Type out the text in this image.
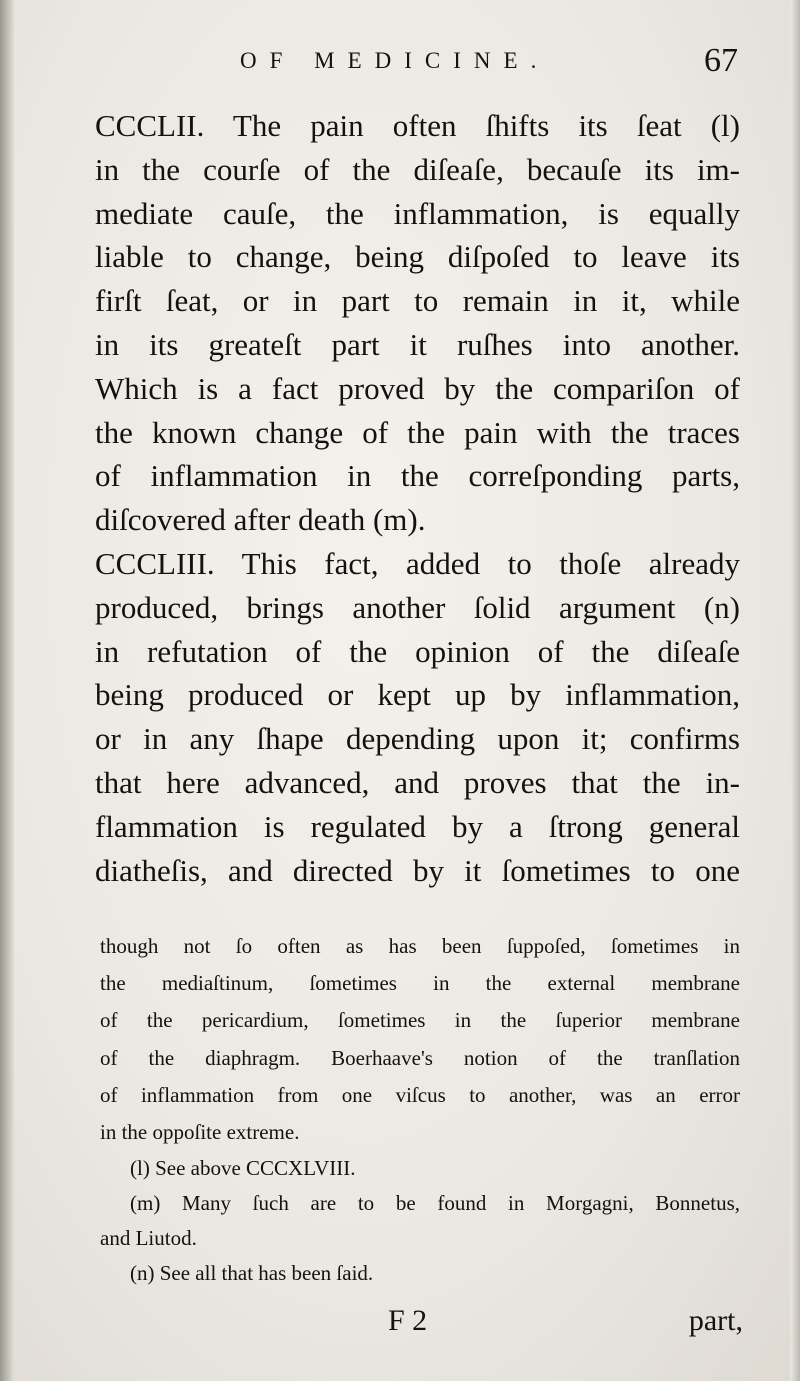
OF MEDICINE.	67

CCCLII. The pain often ſhifts its ſeat (l)
in the courſe of the diſeaſe, becauſe its im-
mediate cauſe, the inflammation, is equally
liable to change, being diſpoſed to leave its
firſt ſeat, or in part to remain in it, while
in its greateſt part it ruſhes into another.
Which is a fact proved by the compariſon of
the known change of the pain with the traces
of inflammation in the correſponding parts,
diſcovered after death (m).

CCCLIII. This fact, added to thoſe already
produced, brings another ſolid argument (n)
in refutation of the opinion of the diſeaſe
being produced or kept up by inflammation,
or in any ſhape depending upon it; confirms
that here advanced, and proves that the in-
flammation is regulated by a ſtrong general
diatheſis, and directed by it ſometimes to one

though not ſo often as has been ſuppoſed, ſometimes in
the mediaſtinum, ſometimes in the external membrane
of the pericardium, ſometimes in the ſuperior membrane
of the diaphragm. Boerhaave's notion of the tranſlation
of inflammation from one viſcus to another, was an error
in the oppoſite extreme.
(l) See above CCCXLVIII.
(m) Many ſuch are to be found in Morgagni, Bonnetus,
and Liutod.
(n) See all that has been ſaid.
F 2	part,
